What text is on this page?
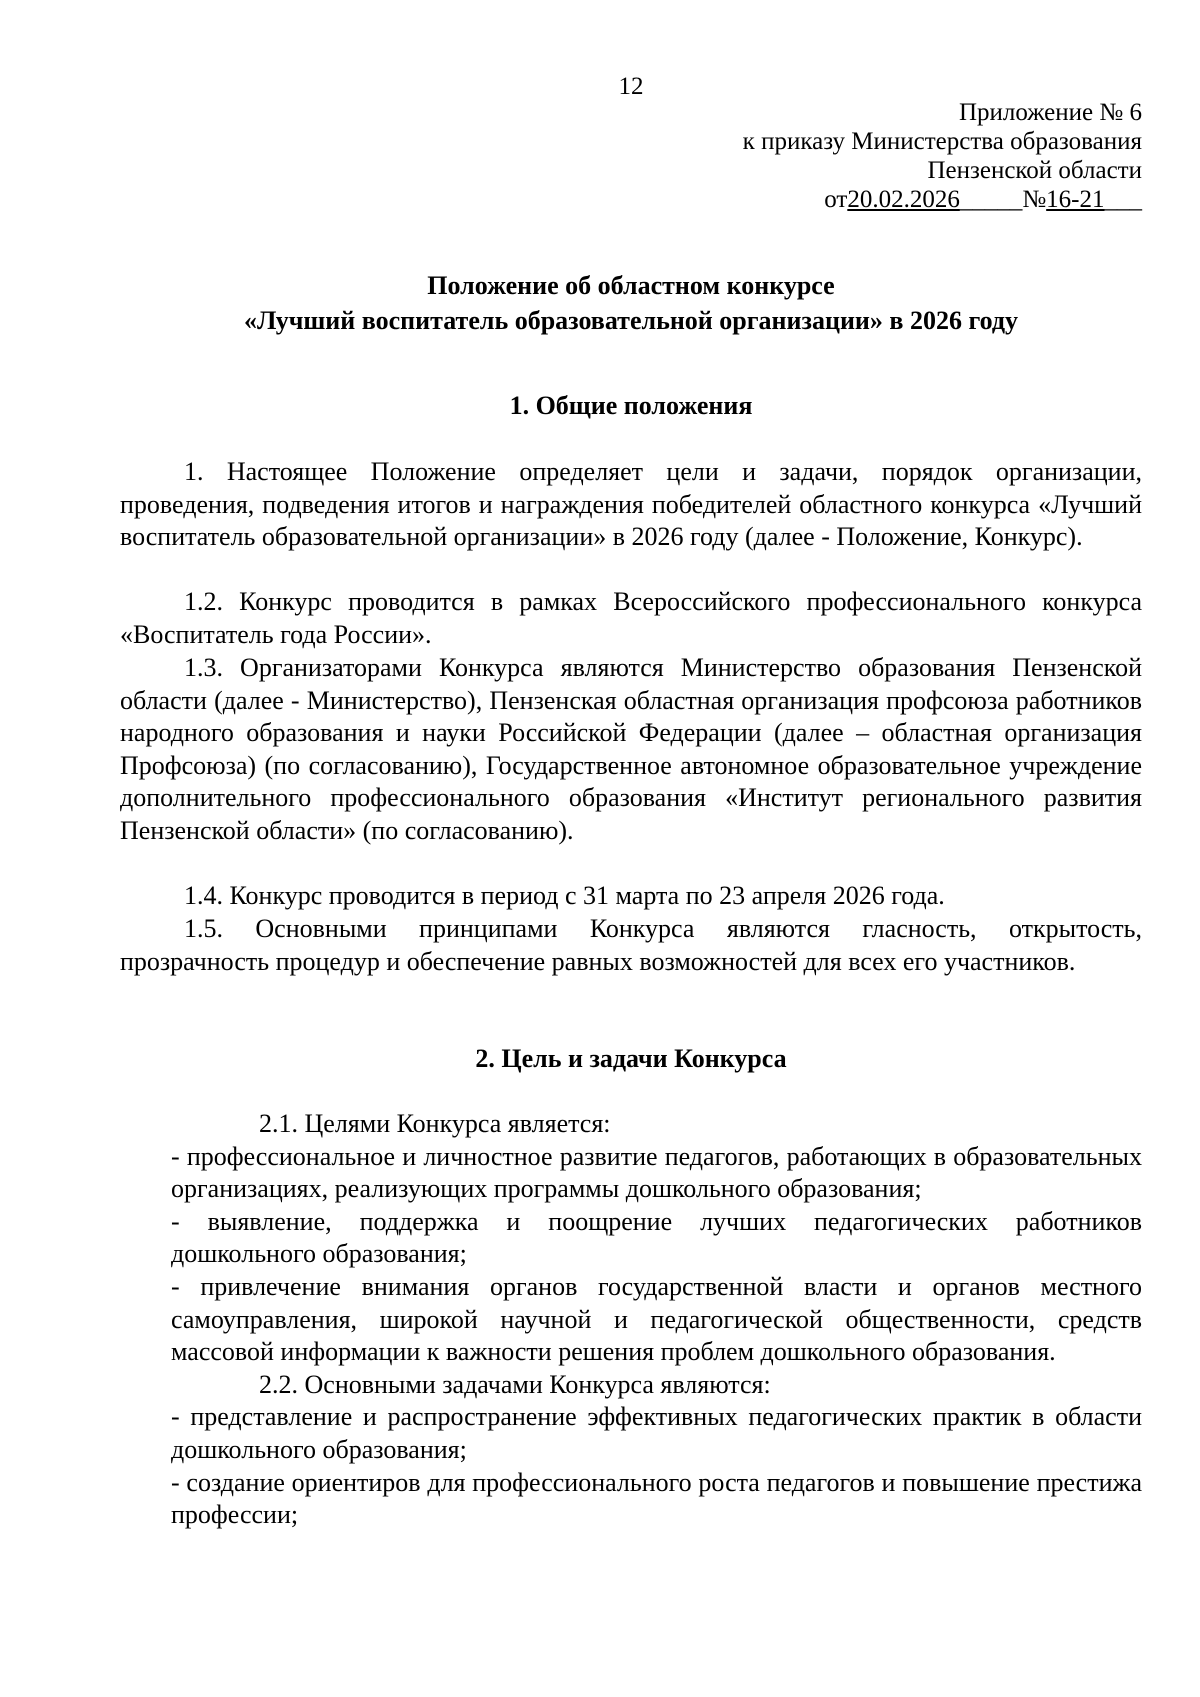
12
Приложение № 6
к приказу Министерства образования
Пензенской области
от20.02.2026_____№16-21___
Положение об областном конкурсе
«Лучший воспитатель образовательной организации» в 2026 году
1. Общие положения
1. Настоящее Положение определяет цели и задачи, порядок организации, проведения, подведения итогов и награждения победителей областного конкурса «Лучший воспитатель образовательной организации» в 2026 году (далее - Положение, Конкурс).
1.2. Конкурс проводится в рамках Всероссийского профессионального конкурса «Воспитатель года России».
1.3. Организаторами Конкурса являются Министерство образования Пензенской области (далее - Министерство), Пензенская областная организация профсоюза работников народного образования и науки Российской Федерации (далее – областная организация Профсоюза) (по согласованию), Государственное автономное образовательное учреждение дополнительного профессионального образования «Институт регионального развития Пензенской области» (по согласованию).
1.4. Конкурс проводится в период с 31 марта по 23 апреля 2026 года.
1.5. Основными принципами Конкурса являются гласность, открытость, прозрачность процедур и обеспечение равных возможностей для всех его участников.
2. Цель и задачи Конкурса

2.1. Целями Конкурса является:

- профессиональное и личностное развитие педагогов, работающих в образовательных организациях, реализующих программы дошкольного образования;

- выявление, поддержка и поощрение лучших педагогических работников дошкольного образования;

- привлечение внимания органов государственной власти и органов местного самоуправления, широкой научной и педагогической общественности, средств массовой информации к важности решения проблем дошкольного образования.

2.2. Основными задачами Конкурса являются:

- представление и распространение эффективных педагогических практик в области дошкольного образования;

- создание ориентиров для профессионального роста педагогов и повышение престижа профессии;
